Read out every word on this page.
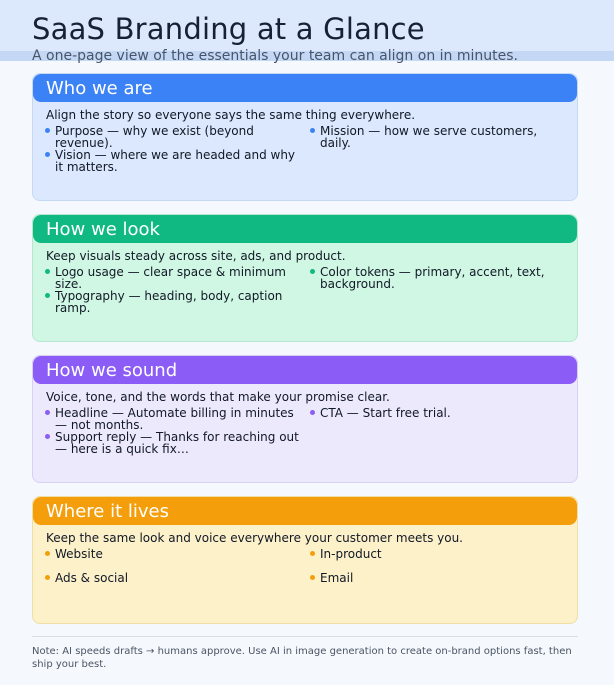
SaaS Branding at a Glance
A one-page view of the essentials your team can align on in minutes.
Who we are
Align the story so everyone says the same thing everywhere.
Purpose — why we exist (beyond revenue).
Mission — how we serve customers, daily.
Vision — where we are headed and why it matters.
How we look
Keep visuals steady across site, ads, and product.
Logo usage — clear space & minimum size.
Color tokens — primary, accent, text, background.
Typography — heading, body, caption ramp.
How we sound
Voice, tone, and the words that make your promise clear.
Headline — Automate billing in minutes — not months.
CTA — Start free trial.
Support reply — Thanks for reaching out — here is a quick fix…
Where it lives
Keep the same look and voice everywhere your customer meets you.
Website	In-product
Ads & social	Email
Note: AI speeds drafts → humans approve. Use AI in image generation to create on-brand options fast, then ship your best.
